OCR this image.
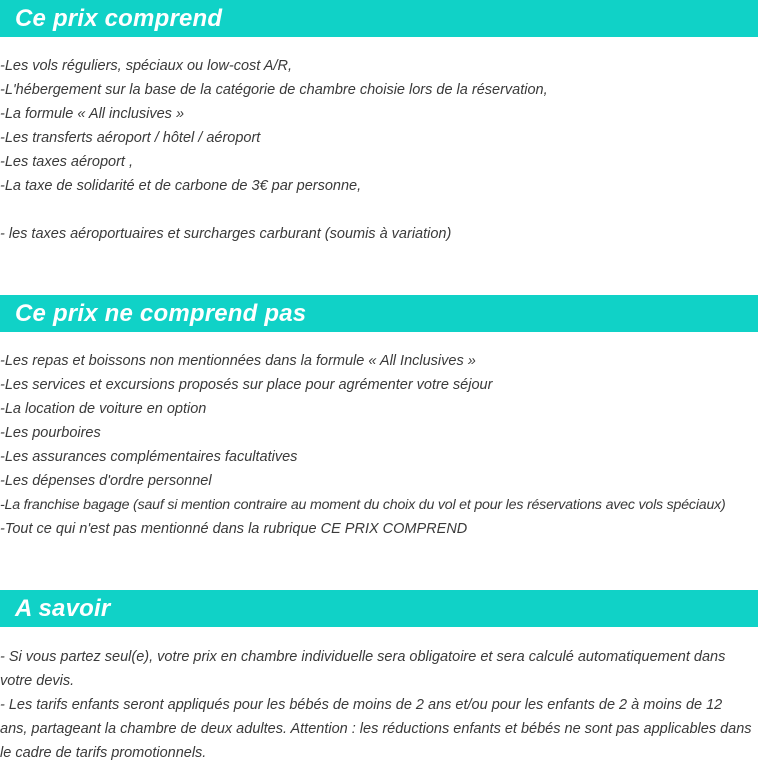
Ce prix comprend
-Les vols réguliers, spéciaux ou low-cost A/R,
-L'hébergement sur la base de la catégorie de chambre choisie lors de la réservation,
-La formule « All inclusives »
-Les transferts aéroport / hôtel / aéroport
-Les taxes aéroport ,
-La taxe de solidarité et de carbone de 3€ par personne,
- les taxes aéroportuaires et surcharges carburant (soumis à variation)
Ce prix ne comprend pas
-Les repas et boissons non mentionnées dans la formule « All Inclusives »
-Les services et excursions proposés sur place pour agrémenter votre séjour
-La location de voiture en option
-Les pourboires
-Les assurances complémentaires facultatives
-Les dépenses d'ordre personnel
-La franchise bagage (sauf si mention contraire au moment du choix du vol et pour les réservations avec vols spéciaux)
-Tout ce qui n'est pas mentionné dans la rubrique CE PRIX COMPREND
A savoir
- Si vous partez seul(e), votre prix en chambre individuelle sera obligatoire et sera calculé automatiquement dans votre devis.
- Les tarifs enfants seront appliqués pour les bébés de moins de 2 ans et/ou pour les enfants de 2 à moins de 12 ans, partageant la chambre de deux adultes. Attention : les réductions enfants et bébés ne sont pas applicables dans le cadre de tarifs promotionnels.
